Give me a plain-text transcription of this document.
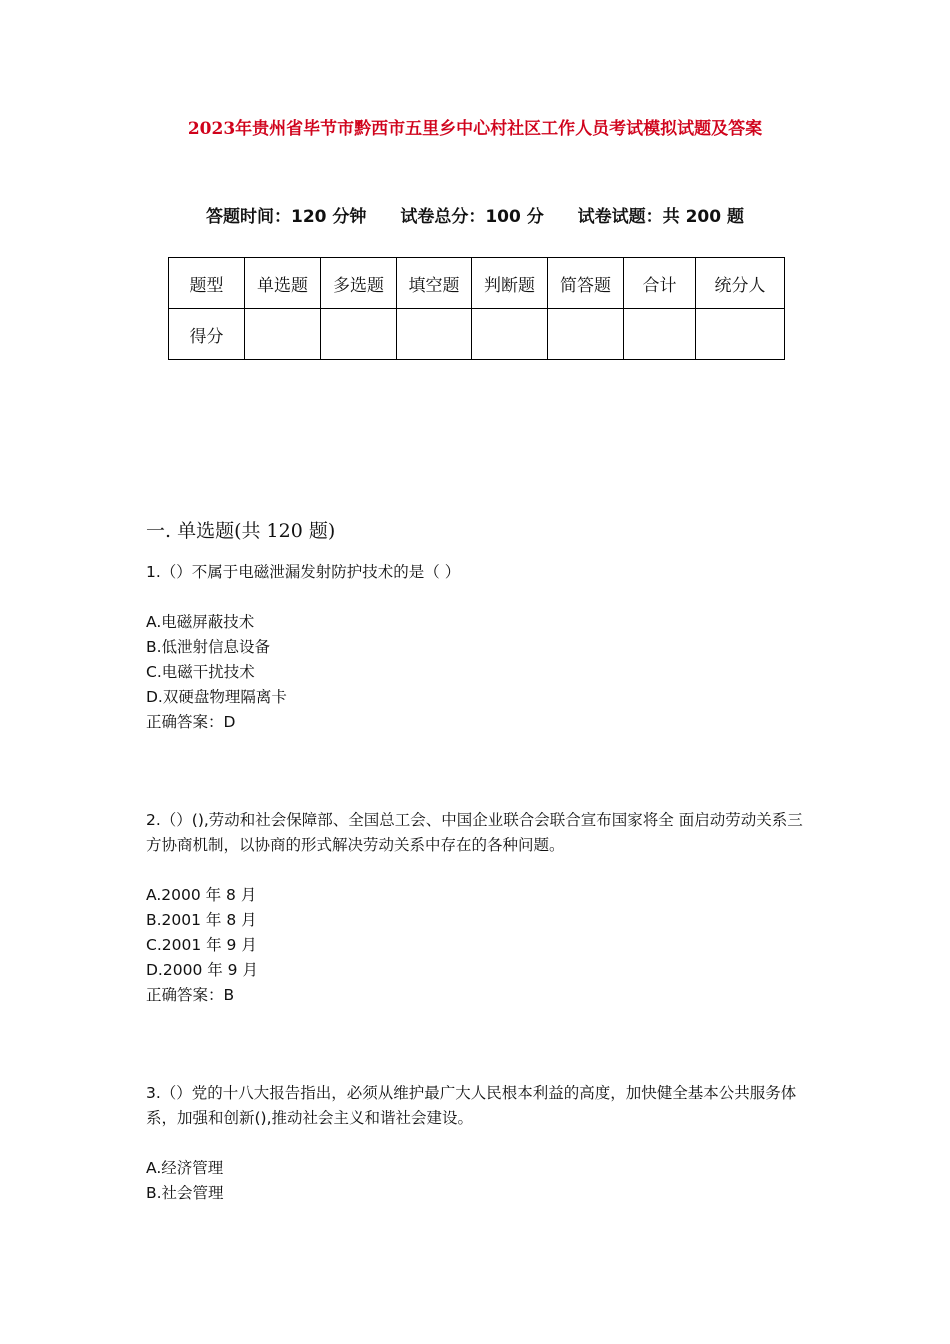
2023年贵州省毕节市黔西市五里乡中心村社区工作人员考试模拟试题及答案
答题时间：120 分钟 试卷总分：100 分 试卷试题：共 200 题
题型	单选题	多选题	填空题	判断题	简答题	合计	统分人
得分							
一. 单选题(共 120 题)

1.（）不属于电磁泄漏发射防护技术的是（ ）

A.电磁屏蔽技术
B.低泄射信息设备
C.电磁干扰技术
D.双硬盘物理隔离卡
正确答案：D

2.（）(),劳动和社会保障部、全国总工会、中国企业联合会联合宣布国家将全 面启动劳动关系三方协商机制，以协商的形式解决劳动关系中存在的各种问题。

A.2000 年 8 月
B.2001 年 8 月
C.2001 年 9 月
D.2000 年 9 月
正确答案：B

3.（）党的十八大报告指出，必须从维护最广大人民根本利益的高度，加快健全基本公共服务体系，加强和创新(),推动社会主义和谐社会建设。

A.经济管理
B.社会管理
